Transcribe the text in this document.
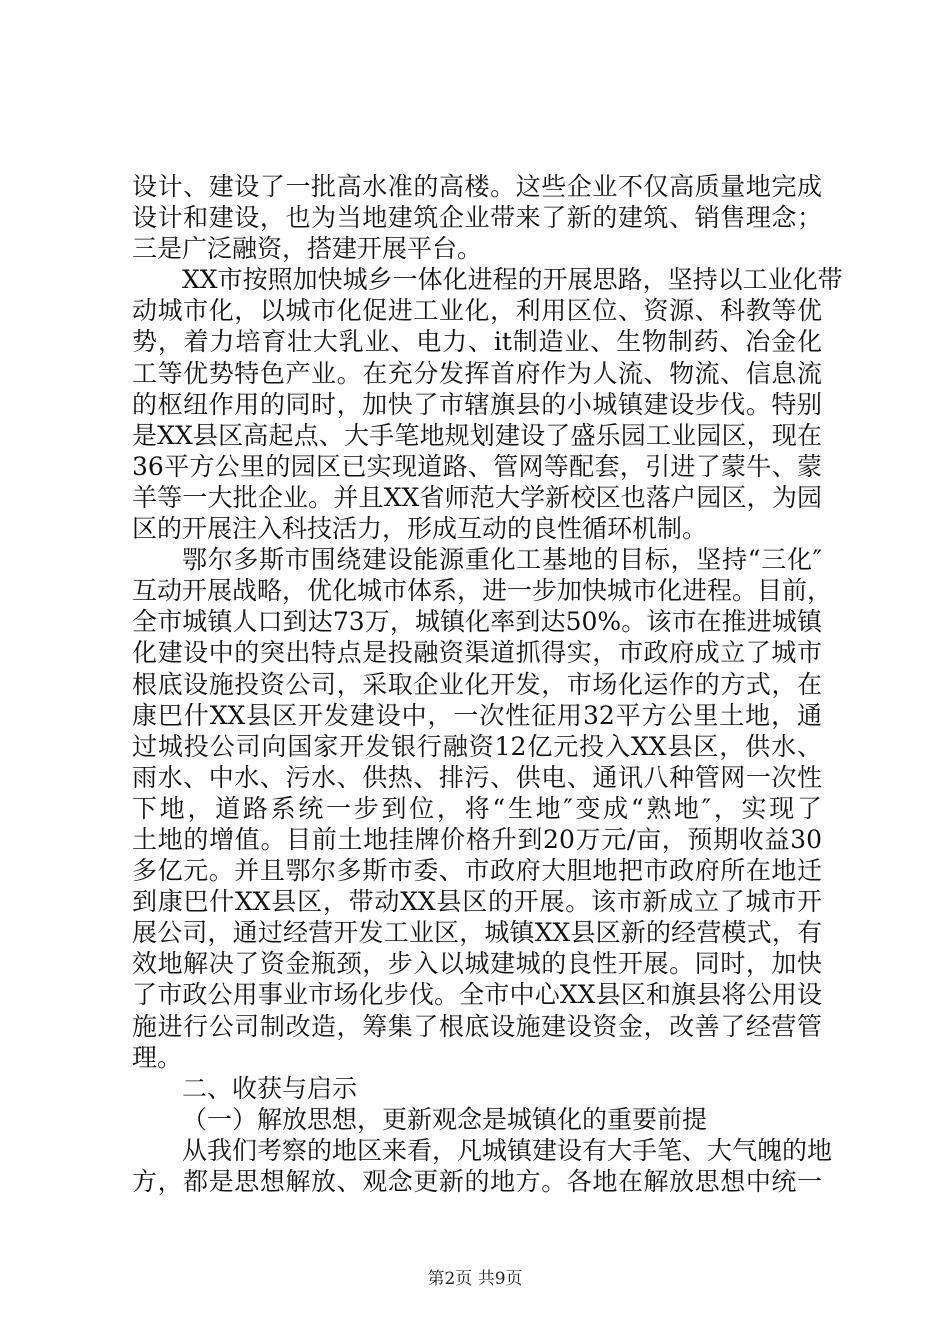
设计、建设了一批高水准的高楼。这些企业不仅高质量地完成
设计和建设，也为当地建筑企业带来了新的建筑、销售理念；
三是广泛融资，搭建开展平台。
XX市按照加快城乡一体化进程的开展思路，坚持以工业化带
动城市化，以城市化促进工业化，利用区位、资源、科教等优
势，着力培育壮大乳业、电力、it制造业、生物制药、冶金化
工等优势特色产业。在充分发挥首府作为人流、物流、信息流
的枢纽作用的同时，加快了市辖旗县的小城镇建设步伐。特别
是XX县区高起点、大手笔地规划建设了盛乐园工业园区，现在
36平方公里的园区已实现道路、管网等配套，引进了蒙牛、蒙
羊等一大批企业。并且XX省师范大学新校区也落户园区，为园
区的开展注入科技活力，形成互动的良性循环机制。
鄂尔多斯市围绕建设能源重化工基地的目标，坚持“三化″
互动开展战略，优化城市体系，进一步加快城市化进程。目前，
全市城镇人口到达73万，城镇化率到达50%。该市在推进城镇
化建设中的突出特点是投融资渠道抓得实，市政府成立了城市
根底设施投资公司，采取企业化开发，市场化运作的方式，在
康巴什XX县区开发建设中，一次性征用32平方公里土地，通
过城投公司向国家开发银行融资12亿元投入XX县区，供水、
雨水、中水、污水、供热、排污、供电、通讯八种管网一次性
下地，道路系统一步到位，将“生地″变成“熟地″，实现了
土地的增值。目前土地挂牌价格升到20万元/亩，预期收益30
多亿元。并且鄂尔多斯市委、市政府大胆地把市政府所在地迁
到康巴什XX县区，带动XX县区的开展。该市新成立了城市开
展公司，通过经营开发工业区，城镇XX县区新的经营模式，有
效地解决了资金瓶颈，步入以城建城的良性开展。同时，加快
了市政公用事业市场化步伐。全市中心XX县区和旗县将公用设
施进行公司制改造，筹集了根底设施建设资金，改善了经营管
理。
二、收获与启示
（一）解放思想，更新观念是城镇化的重要前提
从我们考察的地区来看，凡城镇建设有大手笔、大气魄的地
方，都是思想解放、观念更新的地方。各地在解放思想中统一
第2页 共9页
